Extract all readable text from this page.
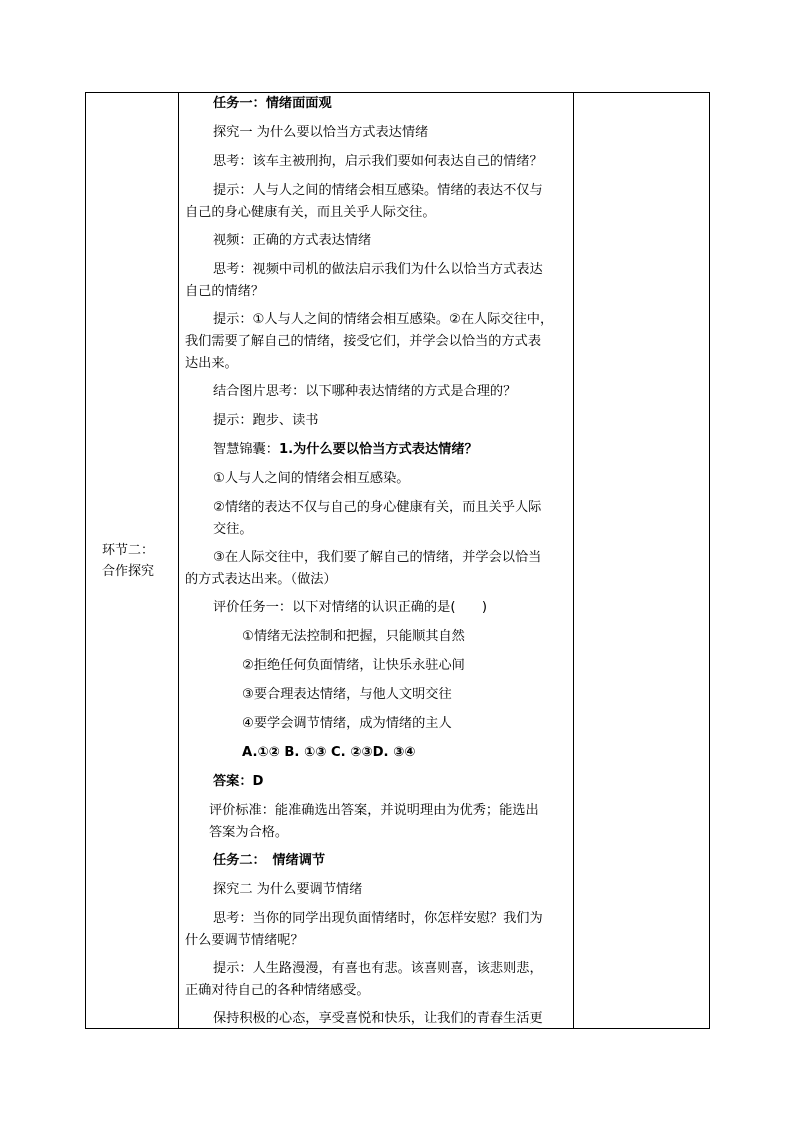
环节二：
合作探究

任务一：情绪面面观
探究一 为什么要以恰当方式表达情绪
思考：该车主被刑拘，启示我们要如何表达自己的情绪？
提示：人与人之间的情绪会相互感染。情绪的表达不仅与
自己的身心健康有关，而且关乎人际交往。
视频：正确的方式表达情绪
思考：视频中司机的做法启示我们为什么以恰当方式表达
自己的情绪？
提示：①人与人之间的情绪会相互感染。②在人际交往中，
我们需要了解自己的情绪，接受它们，并学会以恰当的方式表
达出来。
结合图片思考：以下哪种表达情绪的方式是合理的？
提示：跑步、读书
智慧锦囊：1.为什么要以恰当方式表达情绪？
①人与人之间的情绪会相互感染。
②情绪的表达不仅与自己的身心健康有关，而且关乎人际
交往。
③在人际交往中，我们要了解自己的情绪，并学会以恰当
的方式表达出来。（做法）
评价任务一：以下对情绪的认识正确的是(　　)
①情绪无法控制和把握，只能顺其自然
②拒绝任何负面情绪，让快乐永驻心间
③要合理表达情绪，与他人文明交往
④要学会调节情绪，成为情绪的主人
A.①② B. ①③ C. ②③D. ③④
答案：D
评价标准：能准确选出答案，并说明理由为优秀；能选出
答案为合格。
任务二：　情绪调节
探究二 为什么要调节情绪
思考：当你的同学出现负面情绪时，你怎样安慰？我们为
什么要调节情绪呢？
提示：人生路漫漫，有喜也有悲。该喜则喜，该悲则悲，
正确对待自己的各种情绪感受。
保持积极的心态，享受喜悦和快乐，让我们的青春生活更
